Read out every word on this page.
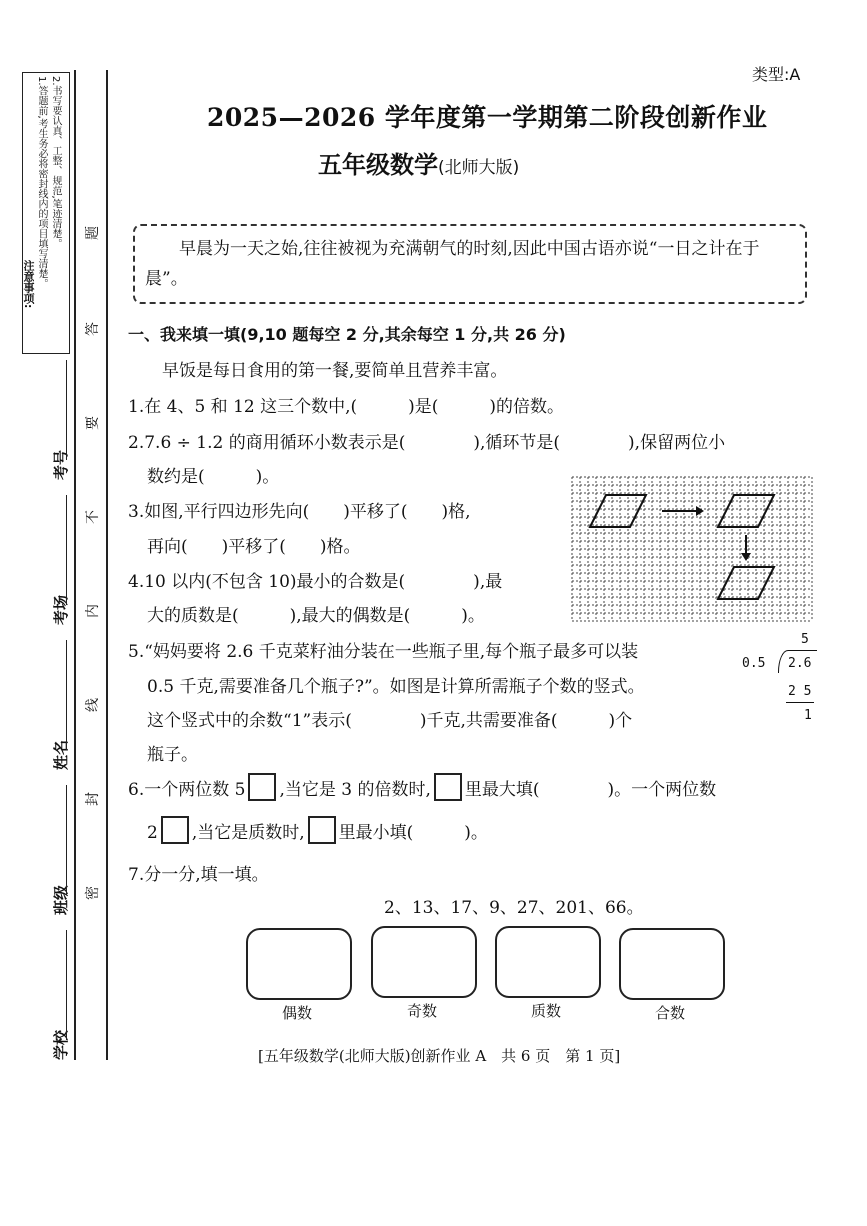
注意事项: 1.答题前,考生务必将密封线内的项目填写清楚。 2.书写要认真、工整、规范,笔迹清楚。 题
答
要
不
内
线
封
密
考号
考场
姓名
班级
学校
类型:A
2025—2026 学年度第一学期第二阶段创新作业
五年级数学(北师大版)
早晨为一天之始,往往被视为充满朝气的时刻,因此中国古语亦说“一日之计在于晨”。
一、我来填一填(9,10 题每空 2 分,其余每空 1 分,共 26 分)
早饭是每日食用的第一餐,要简单且营养丰富。
1.在 4、5 和 12 这三个数中,(　　　)是(　　　)的倍数。
2.7.6 ÷ 1.2 的商用循环小数表示是(　　　　),循环节是(　　　　),保留两位小
数约是(　　　)。
3.如图,平行四边形先向(　　)平移了(　　)格,
再向(　　)平移了(　　)格。
4.10 以内(不包含 10)最小的合数是(　　　　),最
大的质数是(　　　),最大的偶数是(　　　)。
5.“妈妈要将 2.6 千克菜籽油分装在一些瓶子里,每个瓶子最多可以装
0.5 千克,需要准备几个瓶子?”。如图是计算所需瓶子个数的竖式。
这个竖式中的余数“1”表示(　　　　)千克,共需要准备(　　　)个
瓶子。
5
0.5 2.6
2 5
1
6.一个两位数 5 ,当它是 3 的倍数时, 里最大填(　　　　)。一个两位数
2 ,当它是质数时, 里最小填(　　　)。
7.分一分,填一填。
2、13、17、9、27、201、66。
偶数	奇数	质数	合数
[五年级数学(北师大版)创新作业 A　共 6 页　第 1 页]
